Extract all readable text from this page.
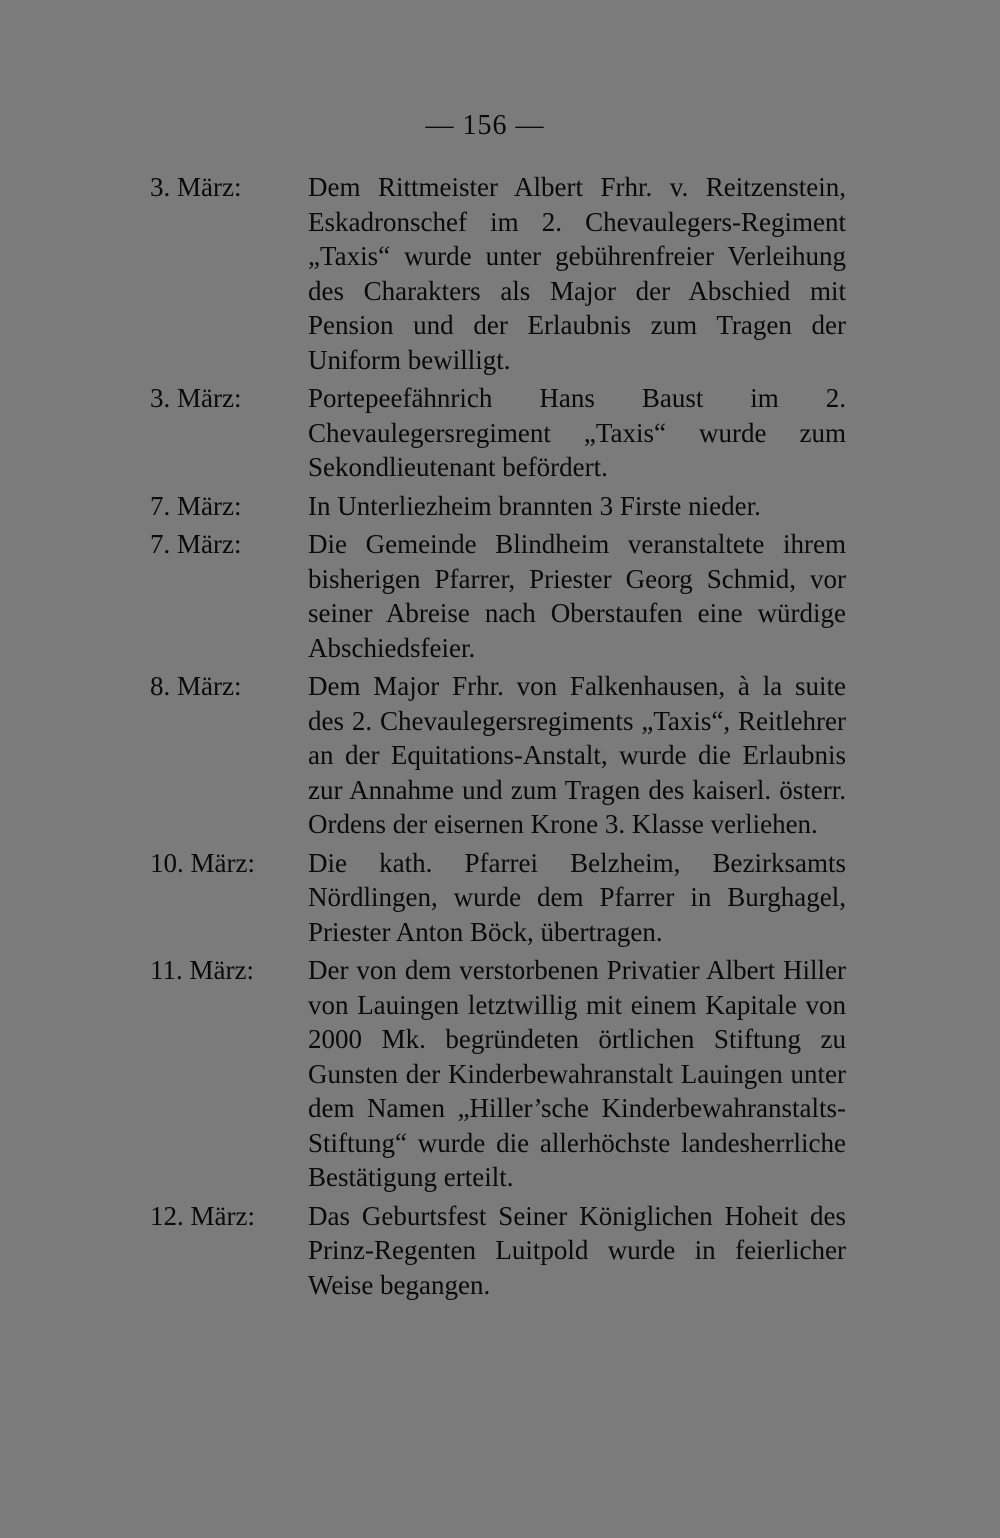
— 156 —
3. März:	Dem Rittmeister Albert Frhr. v. Reitzenstein, Eskadronschef im 2. Chevaulegers-Regiment „Taxis“ wurde unter gebührenfreier Verleihung des Charakters als Major der Abschied mit Pension und der Erlaubnis zum Tragen der Uniform bewilligt.
3. März:	Portepeefähnrich Hans Baust im 2. Chevaulegersregiment „Taxis“ wurde zum Sekondlieutenant befördert.
7. März:	In Unterliezheim brannten 3 Firste nieder.
7. März:	Die Gemeinde Blindheim veranstaltete ihrem bisherigen Pfarrer, Priester Georg Schmid, vor seiner Abreise nach Oberstaufen eine würdige Abschiedsfeier.
8. März:	Dem Major Frhr. von Falkenhausen, à la suite des 2. Chevaulegersregiments „Taxis“, Reitlehrer an der Equitations-Anstalt, wurde die Erlaubnis zur Annahme und zum Tragen des kaiserl. österr. Ordens der eisernen Krone 3. Klasse verliehen.
10. März:	Die kath. Pfarrei Belzheim, Bezirksamts Nördlingen, wurde dem Pfarrer in Burghagel, Priester Anton Böck, übertragen.
11. März:	Der von dem verstorbenen Privatier Albert Hiller von Lauingen letztwillig mit einem Kapitale von 2000 Mk. begründeten örtlichen Stiftung zu Gunsten der Kinderbewahranstalt Lauingen unter dem Namen „Hiller’sche Kinderbewahranstalts-Stiftung“ wurde die allerhöchste landesherrliche Bestätigung erteilt.
12. März:	Das Geburtsfest Seiner Königlichen Hoheit des Prinz-Regenten Luitpold wurde in feierlicher Weise begangen.
